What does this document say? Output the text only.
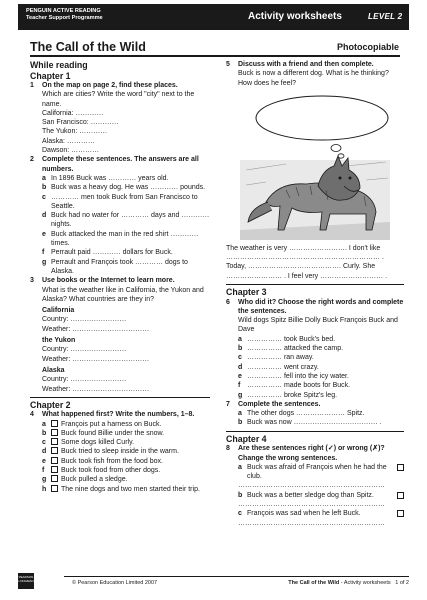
PENGUIN ACTIVE READING
Teacher Support Programme	Activity worksheets	LEVEL 2
The Call of the Wild	Photocopiable
While reading
Chapter 1
1	On the map on page 2, find these places.
Which are cities? Write the word "city" next to the name.
California: …………
San Francisco: …………
The Yukon: …………
Alaska: …………
Dawson: …………
2	Complete these sentences. The answers are all numbers.
a In 1896 Buck was ………… years old.
b Buck was a heavy dog. He was ………… pounds.
c ………… men took Buck from San Francisco to Seattle.
d Buck had no water for ………… days and ………… nights.
e Buck attacked the man in the red shirt ………… times.
f Perrault paid ………… dollars for Buck.
g Perrault and François took ………… dogs to Alaska.
3	Use books or the Internet to learn more.
What is the weather like in California, the Yukon and Alaska? What countries are they in?
California
Country: ……………………
Weather: ……………………………
the Yukon
Country: ……………………
Weather: ……………………………
Alaska
Country: ……………………
Weather: ……………………………
Chapter 2
4	What happened first? Write the numbers, 1–8.
a	François put a harness on Buck.
b	Buck found Billie under the snow.
c	Some dogs killed Curly.
d	Buck tried to sleep inside in the warm.
e	Buck took fish from the food box.
f	Buck took food from other dogs.
g	Buck pulled a sledge.
h	The nine dogs and two men started their trip.
5	Discuss with a friend and then complete.
Buck is now a different dog. What is he thinking? How does he feel?
The weather is very ……………………. I don't like
………………………………………………………… .
Today, …………………………………. Curly. She
…………………… . I feel very ……………………… .
Chapter 3
6	Who did it? Choose the right words and complete the sentences.
Wild dogs Spitz Billie Dolly Buck François Buck and Dave
a …………… took Buck's bed.
b …………… attacked the camp.
c …………… ran away.
d …………… went crazy.
e …………… fell into the icy water.
f …………… made boots for Buck.
g …………… broke Spitz's leg.
7	Complete the sentences.
a The other dogs ………………… Spitz.
b Buck was now ……………………………… .
Chapter 4
8	Are these sentences right (✓) or wrong (✗)? Change the wrong sentences.
a Buck was afraid of François when he had the club.
………………………………………………………
b Buck was a better sledge dog than Spitz.
………………………………………………………
c François was sad when he left Buck.
………………………………………………………
PEARSON LONGMAN	© Pearson Education Limited 2007	The Call of the Wild - Activity worksheets 1 of 2
